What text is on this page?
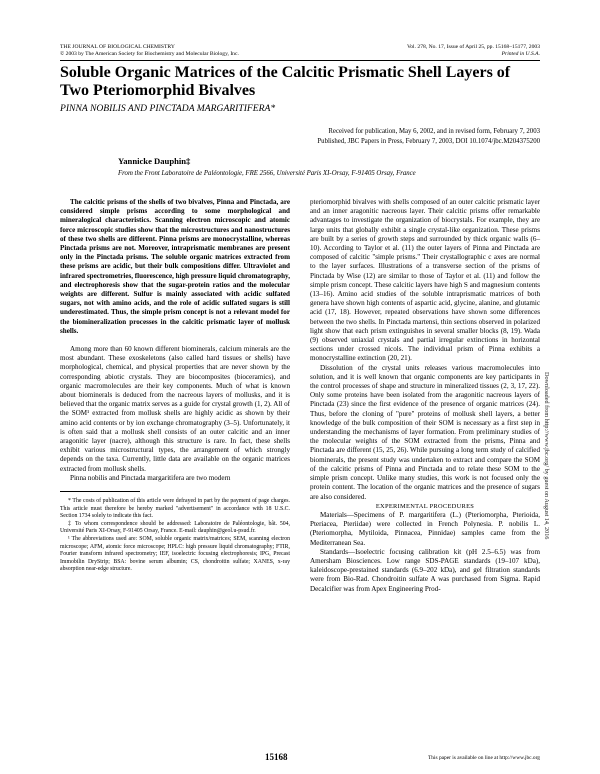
THE JOURNAL OF BIOLOGICAL CHEMISTRY
© 2003 by The American Society for Biochemistry and Molecular Biology, Inc.
Vol. 278, No. 17, Issue of April 25, pp. 15168–15177, 2003
Printed in U.S.A.
Soluble Organic Matrices of the Calcitic Prismatic Shell Layers of Two Pteriomorphid Bivalves
PINNA NOBILIS AND PINCTADA MARGARITIFERA*
Received for publication, May 6, 2002, and in revised form, February 7, 2003
Published, JBC Papers in Press, February 7, 2003, DOI 10.1074/jbc.M204375200
Yannicke Dauphin‡
From the Front Laboratoire de Paléontologie, FRE 2566, Université Paris XI-Orsay, F-91405 Orsay, France

The calcitic prisms of the shells of two bivalves, Pinna and Pinctada, are considered simple prisms according to some morphological and mineralogical characteristics. Scanning electron microscopic and atomic force microscopic studies show that the microstructures and nanostructures of these two shells are different. Pinna prisms are monocrystalline, whereas Pinctada prisms are not. Moreover, intraprismatic membranes are present only in the Pinctada prisms. The soluble organic matrices extracted from these prisms are acidic, but their bulk compositions differ. Ultraviolet and infrared spectrometries, fluorescence, high pressure liquid chromatography, and electrophoresis show that the sugar-protein ratios and the molecular weights are different. Sulfur is mainly associated with acidic sulfated sugars, not with amino acids, and the role of acidic sulfated sugars is still underestimated. Thus, the simple prism concept is not a relevant model for the biomineralization processes in the calcitic prismatic layer of mollusk shells.

Among more than 60 known different biominerals, calcium minerals are the most abundant. These exoskeletons (also called hard tissues or shells) have morphological, chemical, and physical properties that are never shown by the corresponding abiotic crystals. They are biocomposites (bioceramics), and organic macromolecules are their key components. Much of what is known about biominerals is deduced from the nacreous layers of mollusks, and it is believed that the organic matrix serves as a guide for crystal growth (1, 2). All of the SOM¹ extracted from mollusk shells are highly acidic as shown by their amino acid contents or by ion exchange chromatography (3–5). Unfortunately, it is often said that a mollusk shell consists of an outer calcitic and an inner aragonitic layer (nacre), although this structure is rare. In fact, these shells exhibit various microstructural types, the arrangement of which strongly depends on the taxa. Currently, little data are available on the organic matrices extracted from mollusk shells.

Pinna nobilis and Pinctada margaritifera are two modern

* The costs of publication of this article were defrayed in part by the payment of page charges. This article must therefore be hereby marked "advertisement" in accordance with 18 U.S.C. Section 1734 solely to indicate this fact.

‡ To whom correspondence should be addressed: Laboratoire de Paléontologie, bât. 504, Université Paris XI-Orsay, F-91405 Orsay, France. E-mail: dauphin@geol.u-psud.fr.

¹ The abbreviations used are: SOM, soluble organic matrix/matrices; SEM, scanning electron microscope; AFM, atomic force microscope; HPLC: high pressure liquid chromatography; FTIR, Fourier transform infrared spectrometry; IEF, isoelectric focusing electrophoresis; IPG, Precast Immobilin DryStrip; BSA: bovine serum albumin; CS, chondroitin sulfate; XANES, x-ray absorption near-edge structure.

pteriomorphid bivalves with shells composed of an outer calcitic prismatic layer and an inner aragonitic nacreous layer. Their calcitic prisms offer remarkable advantages to investigate the organization of biocrystals. For example, they are large units that globally exhibit a single crystal-like organization. These prisms are built by a series of growth steps and surrounded by thick organic walls (6–10). According to Taylor et al. (11) the outer layers of Pinna and Pinctada are composed of calcitic "simple prisms." Their crystallographic c axes are normal to the layer surfaces. Illustrations of a transverse section of the prisms of Pinctada by Wise (12) are similar to those of Taylor et al. (11) and follow the simple prism concept. These calcitic layers have high S and magnesium contents (13–16). Amino acid studies of the soluble intraprismatic matrices of both genera have shown high contents of aspartic acid, glycine, alanine, and glutamic acid (17, 18). However, repeated observations have shown some differences between the two shells. In Pinctada martensi, thin sections observed in polarized light show that each prism extinguishes in several smaller blocks (8, 19). Wada (9) observed uniaxial crystals and partial irregular extinctions in horizontal sections under crossed nicols. The individual prism of Pinna exhibits a monocrystalline extinction (20, 21).

Dissolution of the crystal units releases various macromolecules into solution, and it is well known that organic components are key participants in the control processes of shape and structure in mineralized tissues (2, 3, 17, 22). Only some proteins have been isolated from the aragonitic nacreous layers of Pinctada (23) since the first evidence of the presence of organic matrices (24). Thus, before the cloning of "pure" proteins of mollusk shell layers, a better knowledge of the bulk composition of their SOM is necessary as a first step in understanding the mechanisms of layer formation. From preliminary studies of the molecular weights of the SOM extracted from the prisms, Pinna and Pinctada are different (15, 25, 26). While pursuing a long term study of calcified biominerals, the present study was undertaken to extract and compare the SOM of the calcitic prisms of Pinna and Pinctada and to relate these SOM to the simple prism concept. Unlike many studies, this work is not focused only the protein content. The location of the organic matrices and the presence of sugars are also considered.

EXPERIMENTAL PROCEDURES

Materials—Specimens of P. margaritifera (L.) (Pteriomorpha, Pterioida, Pteriacea, Pteriidae) were collected in French Polynesia. P. nobilis L. (Pteriomorpha, Mytiloida, Pinnacea, Pinnidae) samples came from the Mediterranean Sea.

Standards—Isoelectric focusing calibration kit (pH 2.5–6.5) was from Amersham Biosciences. Low range SDS-PAGE standards (19–107 kDa), kaleidoscope-prestained standards (6.9–202 kDa), and gel filtration standards were from Bio-Rad. Chondroitin sulfate A was purchased from Sigma. Rapid Decalcifier was from Apex Engineering Prod-

15168	This paper is available on line at http://www.jbc.org
Downloaded from http://www.jbc.org/ by guest on August 14, 2016
